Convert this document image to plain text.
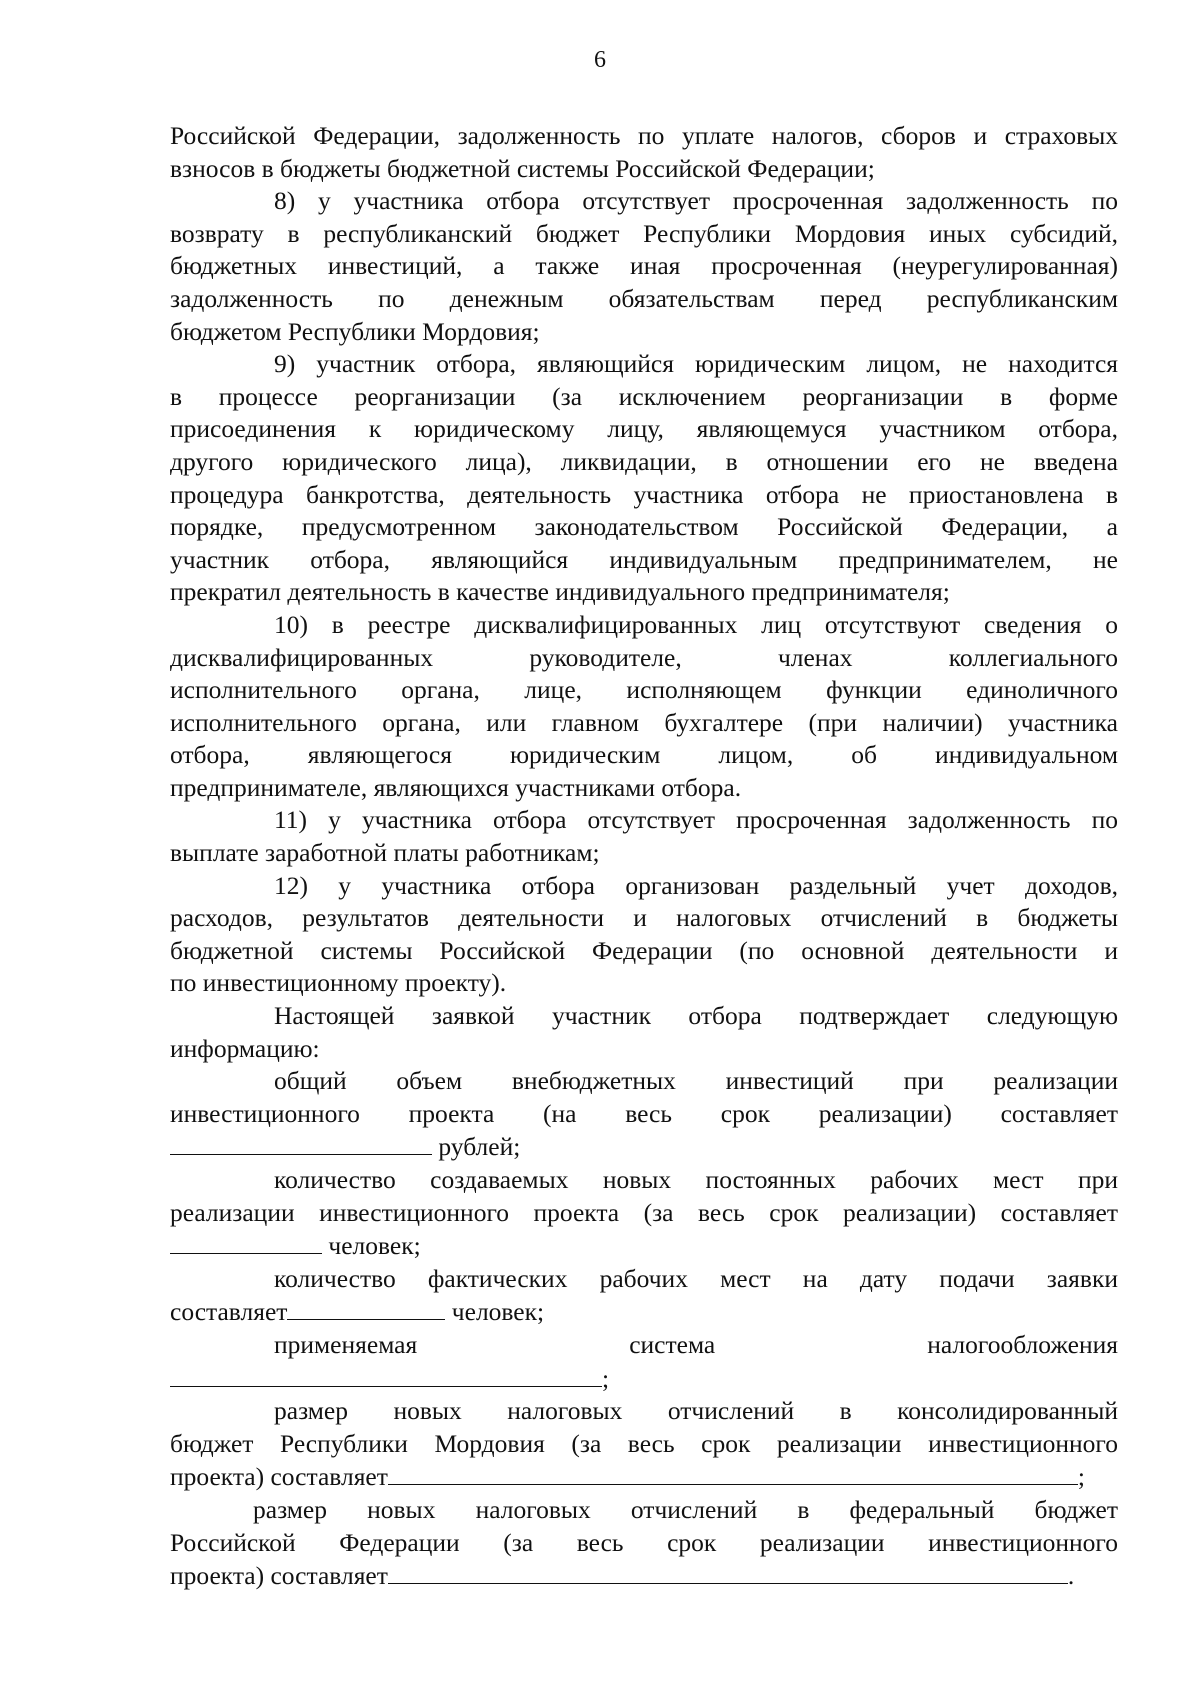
6
Российской Федерации, задолженность по уплате налогов, сборов и страховых
взносов в бюджеты бюджетной системы Российской Федерации;
8) у участника отбора отсутствует просроченная задолженность по
возврату в республиканский бюджет Республики Мордовия иных субсидий,
бюджетных инвестиций, а также иная просроченная (неурегулированная)
задолженность по денежным обязательствам перед республиканским
бюджетом Республики Мордовия;
9) участник отбора, являющийся юридическим лицом, не находится
в процессе реорганизации (за исключением реорганизации в форме
присоединения к юридическому лицу, являющемуся участником отбора,
другого юридического лица), ликвидации, в отношении его не введена
процедура банкротства, деятельность участника отбора не приостановлена в
порядке, предусмотренном законодательством Российской Федерации, а
участник отбора, являющийся индивидуальным предпринимателем, не
прекратил деятельность в качестве индивидуального предпринимателя;
10) в реестре дисквалифицированных лиц отсутствуют сведения о
дисквалифицированных руководителе, членах коллегиального
исполнительного органа, лице, исполняющем функции единоличного
исполнительного органа, или главном бухгалтере (при наличии) участника
отбора, являющегося юридическим лицом, об индивидуальном
предпринимателе, являющихся участниками отбора.
11) у участника отбора отсутствует просроченная задолженность по
выплате заработной платы работникам;
12) у участника отбора организован раздельный учет доходов,
расходов, результатов деятельности и налоговых отчислений в бюджеты
бюджетной системы Российской Федерации (по основной деятельности и
по инвестиционному проекту).
Настоящей заявкой участник отбора подтверждает следующую
информацию:
общий объем внебюджетных инвестиций при реализации
инвестиционного проекта (на весь срок реализации) составляет
рублей;
количество создаваемых новых постоянных рабочих мест при
реализации инвестиционного проекта (за весь срок реализации) составляет
человек;
количество фактических рабочих мест на дату подачи заявки
составляет	человек;
применяемая система налогообложения
;
размер новых налоговых отчислений в консолидированный
бюджет Республики Мордовия (за весь срок реализации инвестиционного
проекта) составляет	;
размер новых налоговых отчислений в федеральный бюджет
Российской Федерации (за весь срок реализации инвестиционного
проекта) составляет	.
